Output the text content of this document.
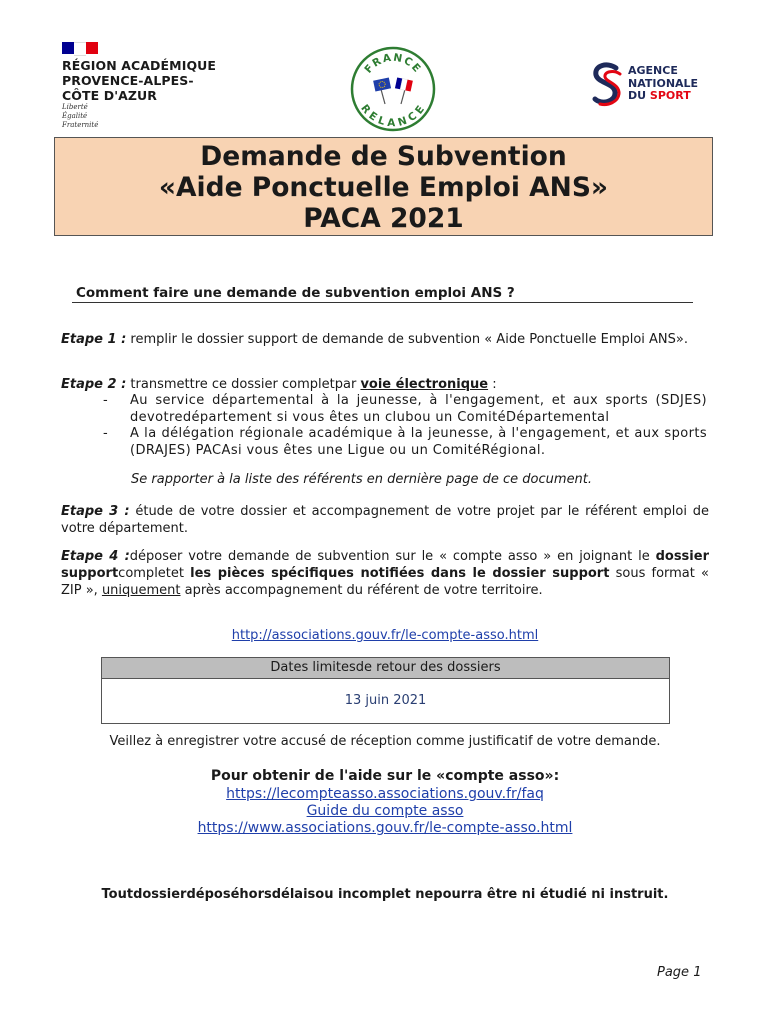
RÉGION ACADÉMIQUE
PROVENCE-ALPES-
CÔTE D'AZUR
Liberté
Égalité
Fraternité
FRANCE
RELANCE
AGENCE
NATIONALE
DU SPORT
Demande de Subvention
«Aide Ponctuelle Emploi ANS»
PACA 2021
Comment faire une demande de subvention emploi ANS ?
Etape 1 : remplir le dossier support de demande de subvention « Aide Ponctuelle Emploi ANS».
Etape 2 : transmettre ce dossier completpar voie électronique :
- Au service départemental à la jeunesse, à l'engagement, et aux sports (SDJES) devotredépartement si vous êtes un clubou un ComitéDépartemental
- A la délégation régionale académique à la jeunesse, à l'engagement, et aux sports (DRAJES) PACAsi vous êtes une Ligue ou un ComitéRégional.
Se rapporter à la liste des référents en dernière page de ce document.
Etape 3 : étude de votre dossier et accompagnement de votre projet par le référent emploi de votre département.
Etape 4 :déposer votre demande de subvention sur le « compte asso » en joignant le dossier supportcompletet les pièces spécifiques notifiées dans le dossier support sous format « ZIP », uniquement après accompagnement du référent de votre territoire.
http://associations.gouv.fr/le-compte-asso.html
Dates limitesde retour des dossiers
13 juin 2021
Veillez à enregistrer votre accusé de réception comme justificatif de votre demande.
Pour obtenir de l'aide sur le «compte asso»:
https://lecompteasso.associations.gouv.fr/faq
Guide du compte asso
https://www.associations.gouv.fr/le-compte-asso.html
Toutdossierdéposéhorsdélaisou incomplet nepourra être ni étudié ni instruit.
Page 1
